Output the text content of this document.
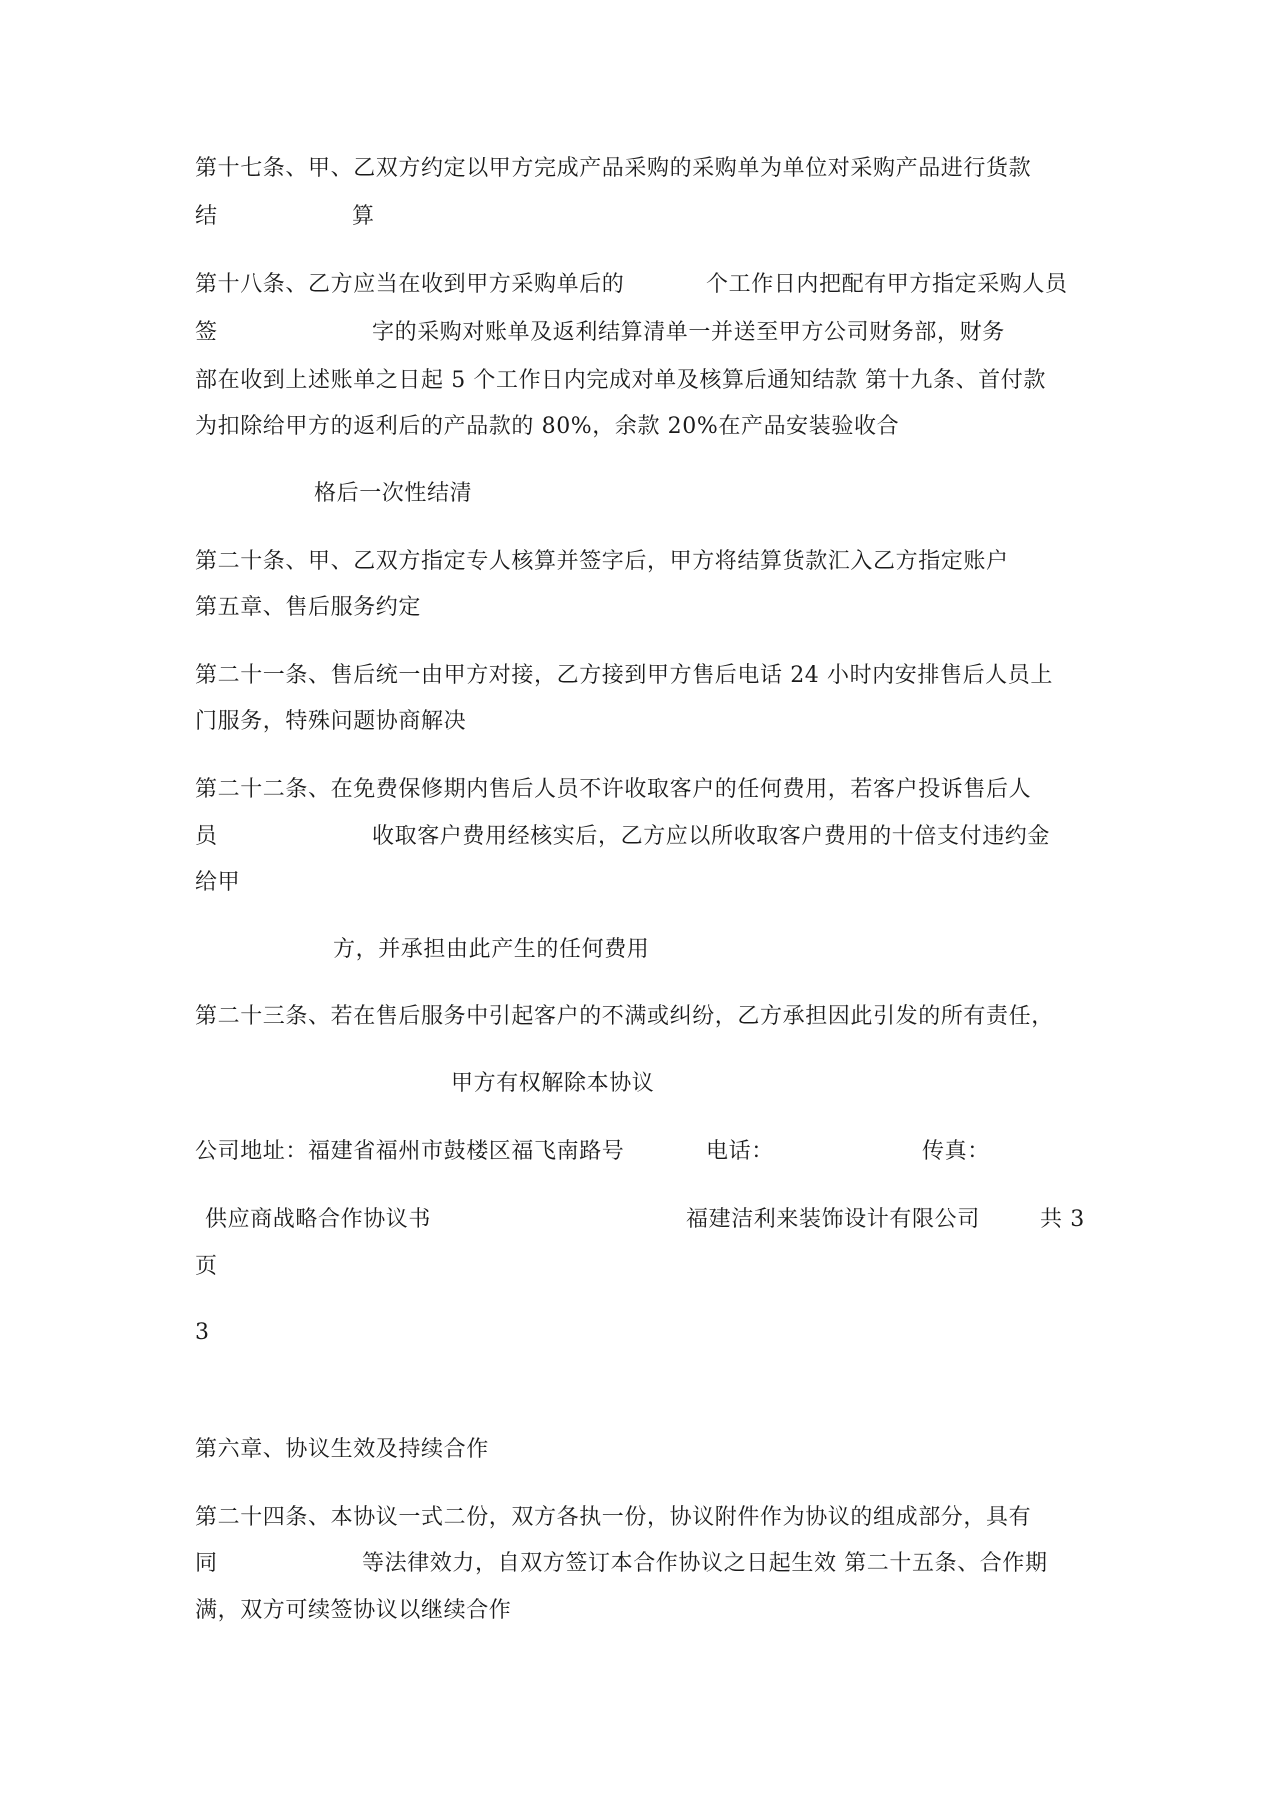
第十七条、甲、乙双方约定以甲方完成产品采购的采购单为单位对采购产品进行货款
结	算
第十八条、乙方应当在收到甲方采购单后的	个工作日内把配有甲方指定采购人员
签	字的采购对账单及返利结算清单一并送至甲方公司财务部，财务
部在收到上述账单之日起 5 个工作日内完成对单及核算后通知结款 第十九条、首付款
为扣除给甲方的返利后的产品款的 80%，余款 20%在产品安装验收合
格后一次性结清
第二十条、甲、乙双方指定专人核算并签字后，甲方将结算货款汇入乙方指定账户
第五章、售后服务约定
第二十一条、售后统一由甲方对接，乙方接到甲方售后电话 24 小时内安排售后人员上
门服务，特殊问题协商解决
第二十二条、在免费保修期内售后人员不许收取客户的任何费用，若客户投诉售后人
员	收取客户费用经核实后，乙方应以所收取客户费用的十倍支付违约金
给甲
方，并承担由此产生的任何费用
第二十三条、若在售后服务中引起客户的不满或纠纷，乙方承担因此引发的所有责任，
甲方有权解除本协议
公司地址：福建省福州市鼓楼区福飞南路号	电话：	传真：
供应商战略合作协议书	福建洁利来装饰设计有限公司	共 3
页
3
第六章、协议生效及持续合作
第二十四条、本协议一式二份，双方各执一份，协议附件作为协议的组成部分，具有
同	等法律效力，自双方签订本合作协议之日起生效 第二十五条、合作期
满，双方可续签协议以继续合作
